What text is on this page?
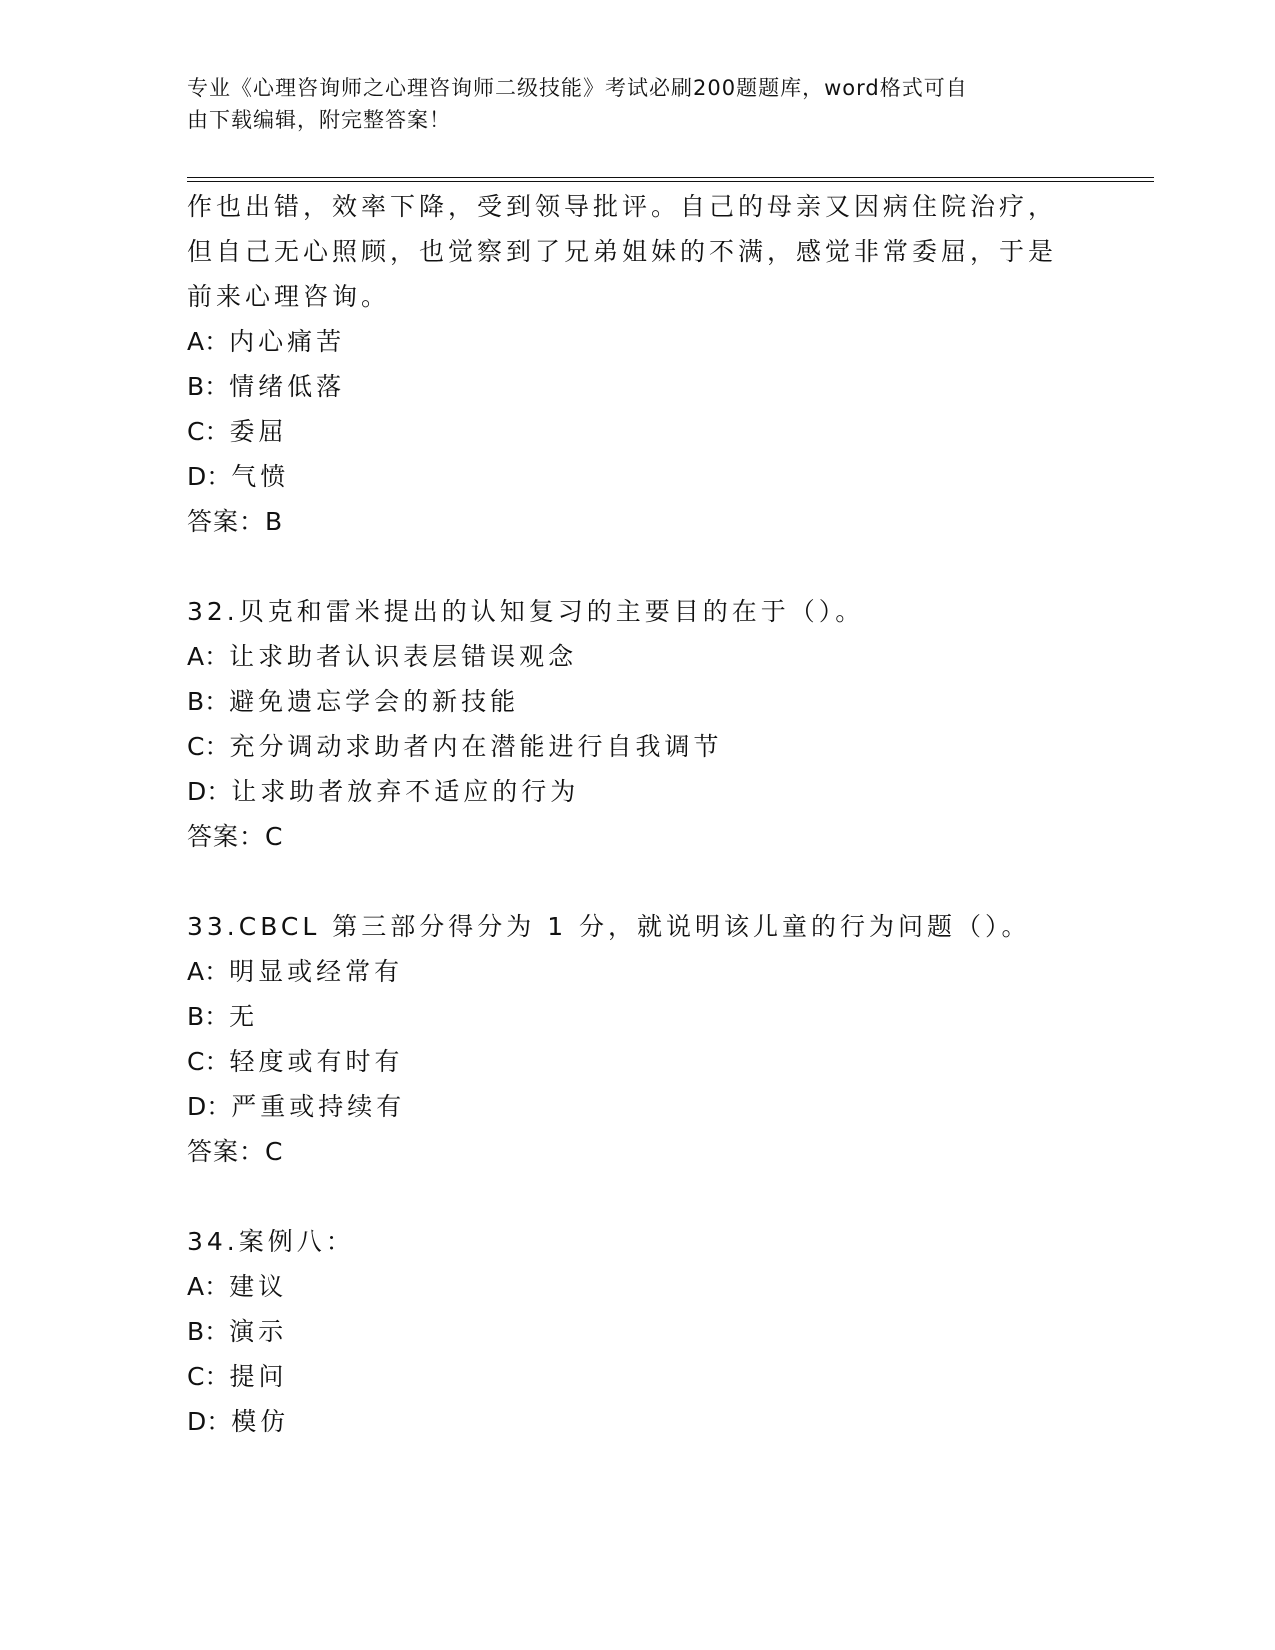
专业《心理咨询师之心理咨询师二级技能》考试必刷200题题库，word格式可自
由下载编辑，附完整答案！
作也出错，效率下降，受到领导批评。自己的母亲又因病住院治疗，
但自己无心照顾，也觉察到了兄弟姐妹的不满，感觉非常委屈，于是
前来心理咨询。
A：内心痛苦
B：情绪低落
C：委屈
D：气愤
答案：B
32.贝克和雷米提出的认知复习的主要目的在于（）。
A：让求助者认识表层错误观念
B：避免遗忘学会的新技能
C：充分调动求助者内在潜能进行自我调节
D：让求助者放弃不适应的行为
答案：C
33.CBCL 第三部分得分为 1 分，就说明该儿童的行为问题（）。
A：明显或经常有
B：无
C：轻度或有时有
D：严重或持续有
答案：C
34.案例八：
A：建议
B：演示
C：提问
D：模仿
